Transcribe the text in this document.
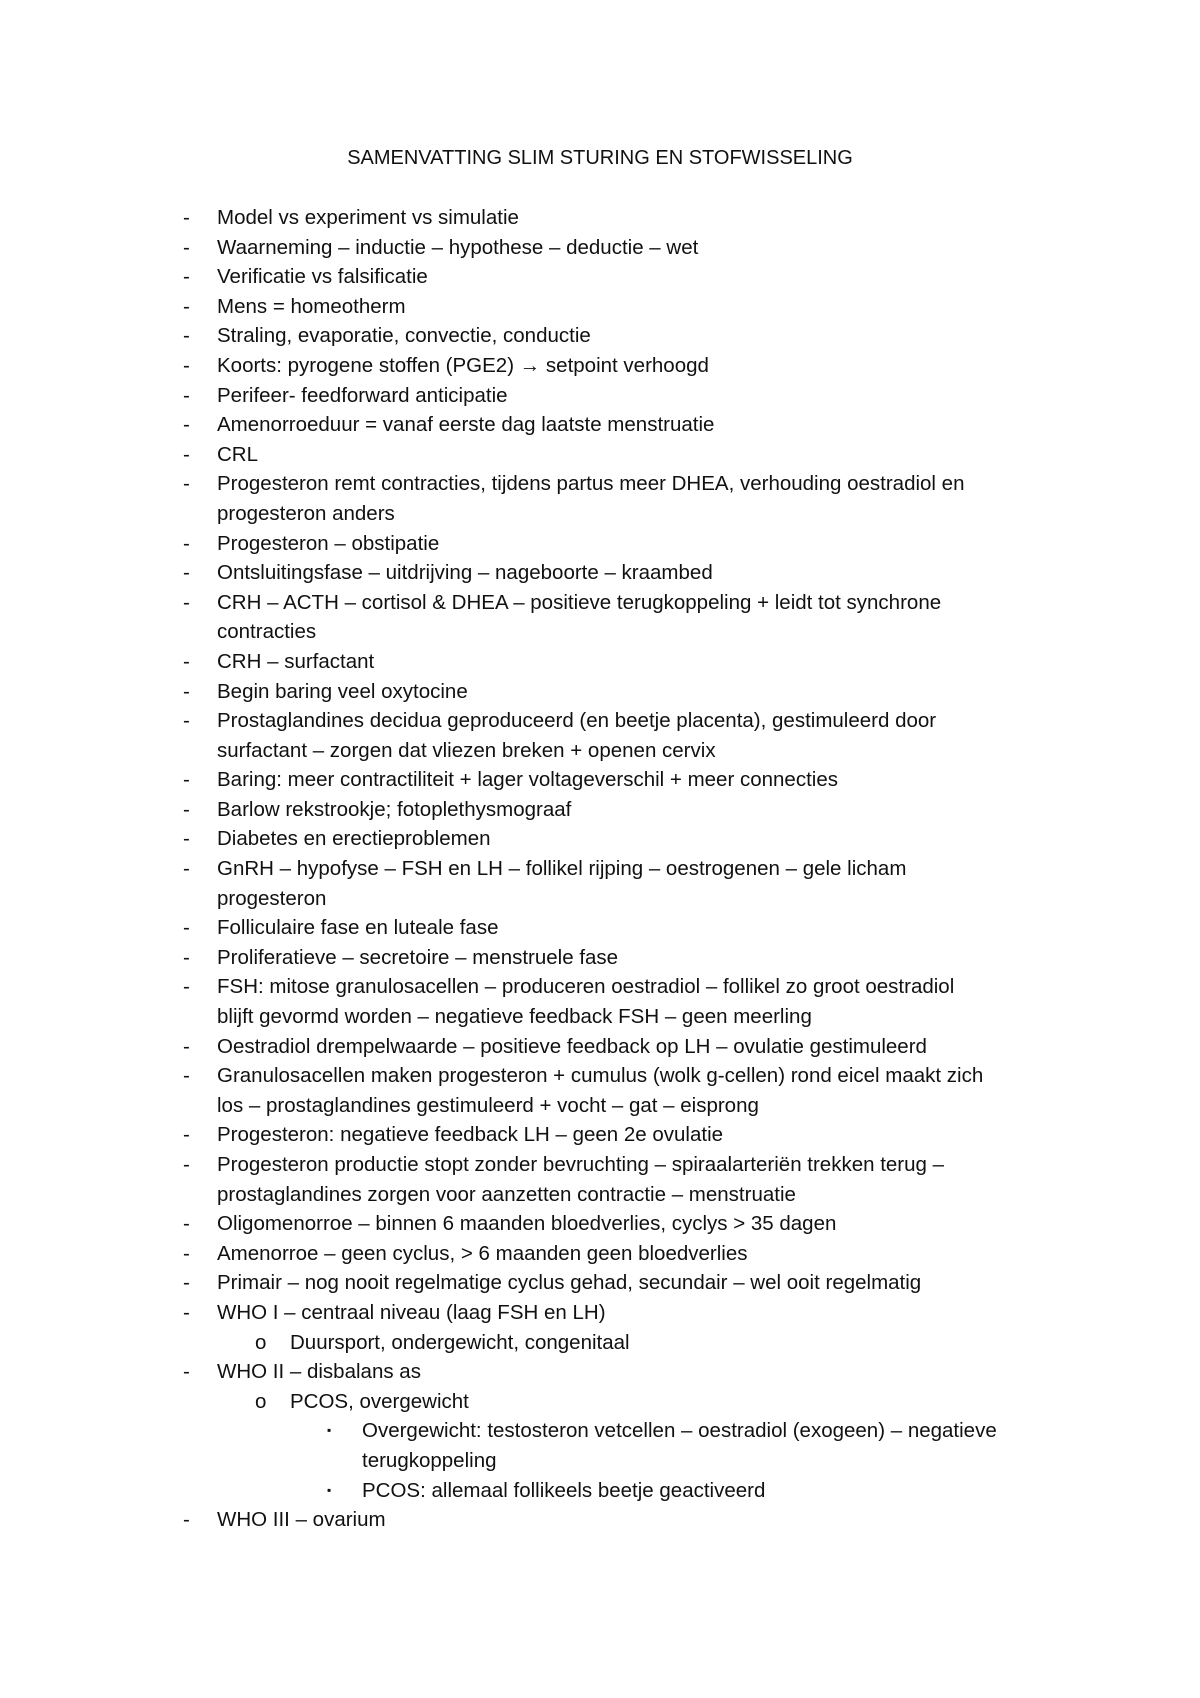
SAMENVATTING SLIM STURING EN STOFWISSELING
- Model vs experiment vs simulatie
- Waarneming – inductie – hypothese – deductie – wet
- Verificatie vs falsificatie
- Mens = homeotherm
- Straling, evaporatie, convectie, conductie
- Koorts: pyrogene stoffen (PGE2) → setpoint verhoogd
- Perifeer- feedforward anticipatie
- Amenorroeduur = vanaf eerste dag laatste menstruatie
- CRL
- Progesteron remt contracties, tijdens partus meer DHEA, verhouding oestradiol en
progesteron anders
- Progesteron – obstipatie
- Ontsluitingsfase – uitdrijving – nageboorte – kraambed
- CRH – ACTH – cortisol & DHEA – positieve terugkoppeling + leidt tot synchrone
contracties
- CRH – surfactant
- Begin baring veel oxytocine
- Prostaglandines decidua geproduceerd (en beetje placenta), gestimuleerd door
surfactant – zorgen dat vliezen breken + openen cervix
- Baring: meer contractiliteit + lager voltageverschil + meer connecties
- Barlow rekstrookje; fotoplethysmograaf
- Diabetes en erectieproblemen
- GnRH – hypofyse – FSH en LH – follikel rijping – oestrogenen – gele licham
progesteron
- Folliculaire fase en luteale fase
- Proliferatieve – secretoire – menstruele fase
- FSH: mitose granulosacellen – produceren oestradiol – follikel zo groot oestradiol
blijft gevormd worden – negatieve feedback FSH – geen meerling
- Oestradiol drempelwaarde – positieve feedback op LH – ovulatie gestimuleerd
- Granulosacellen maken progesteron + cumulus (wolk g-cellen) rond eicel maakt zich
los – prostaglandines gestimuleerd + vocht – gat – eisprong
- Progesteron: negatieve feedback LH – geen 2e ovulatie
- Progesteron productie stopt zonder bevruchting – spiraalarteriën trekken terug –
prostaglandines zorgen voor aanzetten contractie – menstruatie
- Oligomenorroe – binnen 6 maanden bloedverlies, cyclys > 35 dagen
- Amenorroe – geen cyclus, > 6 maanden geen bloedverlies
- Primair – nog nooit regelmatige cyclus gehad, secundair – wel ooit regelmatig
- WHO I – centraal niveau (laag FSH en LH)
o Duursport, ondergewicht, congenitaal
- WHO II – disbalans as
o PCOS, overgewicht
▪ Overgewicht: testosteron vetcellen – oestradiol (exogeen) – negatieve
terugkoppeling
▪ PCOS: allemaal follikeels beetje geactiveerd
- WHO III – ovarium
